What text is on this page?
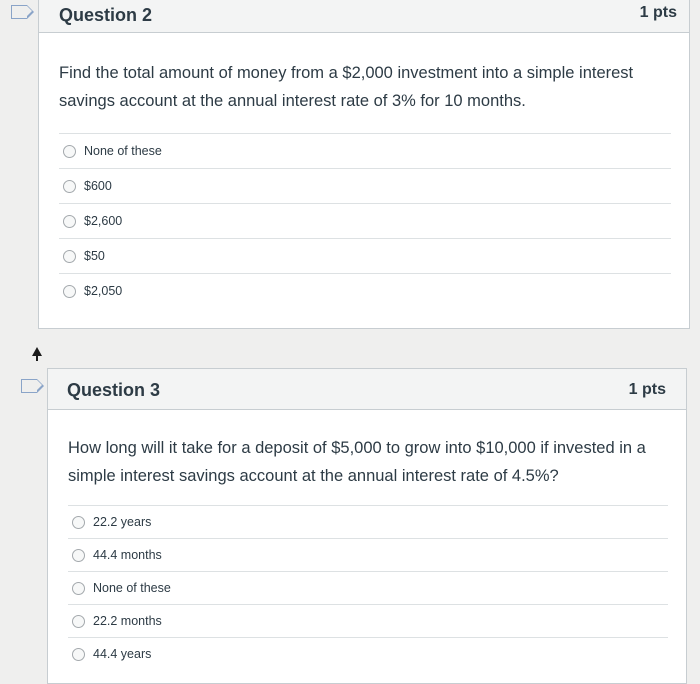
Question 2	1 pts
Find the total amount of money from a $2,000 investment into a simple interest savings account at the annual interest rate of 3% for 10 months.
None of these
$600
$2,600
$50
$2,050
Question 3	1 pts
How long will it take for a deposit of $5,000 to grow into $10,000 if invested in a simple interest savings account at the annual interest rate of 4.5%?
22.2 years
44.4 months
None of these
22.2 months
44.4 years
